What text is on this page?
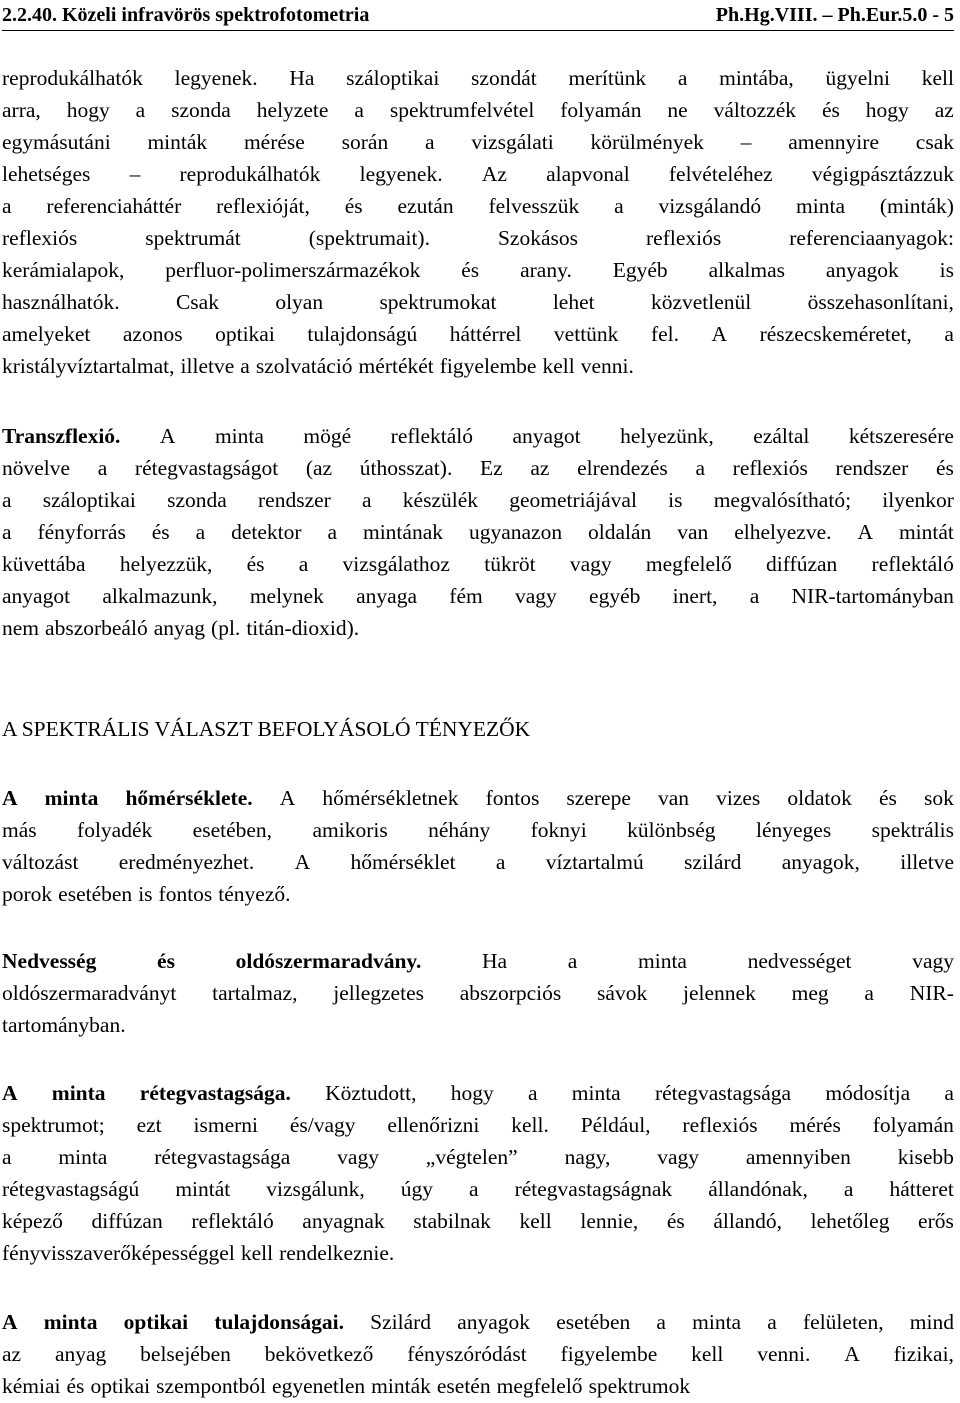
2.2.40. Közeli infravörös spektrofotometria	Ph.Hg.VIII. – Ph.Eur.5.0 - 5
reprodukálhatók legyenek. Ha száloptikai szondát merítünk a mintába, ügyelni kell
arra, hogy a szonda helyzete a spektrumfelvétel folyamán ne változzék és hogy az
egymásutáni minták mérése során a vizsgálati körülmények – amennyire csak
lehetséges – reprodukálhatók legyenek. Az alapvonal felvételéhez végigpásztázzuk
a referenciaháttér reflexióját, és ezután felvesszük a vizsgálandó minta (minták)
reflexiós	spektrumát	(spektrumait).	Szokásos	reflexiós	referenciaanyagok:
kerámialapok, perfluor-polimerszármazékok és arany. Egyéb alkalmas anyagok is
használhatók.	Csak	olyan	spektrumokat	lehet	közvetlenül	összehasonlítani,
amelyeket azonos optikai tulajdonságú háttérrel vettünk fel. A részecskeméretet, a
kristályvíztartalmat, illetve a szolvatáció mértékét figyelembe kell venni.
Transzflexió. A minta mögé reflektáló anyagot helyezünk, ezáltal kétszeresére
növelve a rétegvastagságot (az úthosszat). Ez az elrendezés a reflexiós rendszer és
a száloptikai szonda rendszer a készülék geometriájával is megvalósítható; ilyenkor
a fényforrás és a detektor a mintának ugyanazon oldalán van elhelyezve. A mintát
küvettába helyezzük, és a vizsgálathoz tükröt vagy megfelelő diffúzan reflektáló
anyagot alkalmazunk, melynek anyaga fém vagy egyéb inert, a NIR-tartományban
nem abszorbeáló anyag (pl. titán-dioxid).
A SPEKTRÁLIS VÁLASZT BEFOLYÁSOLÓ TÉNYEZŐK
A minta hőmérséklete. A hőmérsékletnek fontos szerepe van vizes oldatok és sok
más folyadék esetében, amikoris néhány foknyi különbség lényeges spektrális
változást eredményezhet. A hőmérséklet a víztartalmú szilárd anyagok, illetve
porok esetében is fontos tényező.
Nedvesség	és	oldószermaradvány.	Ha	a	minta	nedvességet	vagy
oldószermaradványt tartalmaz, jellegzetes abszorpciós sávok jelennek meg a NIR-
tartományban.
A minta rétegvastagsága. Köztudott, hogy a minta rétegvastagsága módosítja a
spektrumot; ezt ismerni és/vagy ellenőrizni kell. Például, reflexiós mérés folyamán
a minta rétegvastagsága vagy „végtelen” nagy, vagy amennyiben kisebb
rétegvastagságú mintát vizsgálunk, úgy a rétegvastagságnak állandónak, a hátteret
képező diffúzan reflektáló anyagnak stabilnak kell lennie, és állandó, lehetőleg erős
fényvisszaverőképességgel kell rendelkeznie.
A minta optikai tulajdonságai. Szilárd anyagok esetében a minta a felületen, mind
az anyag belsejében bekövetkező fényszóródást figyelembe kell venni. A fizikai,
kémiai és optikai szempontból egyenetlen minták esetén megfelelő spektrumok
